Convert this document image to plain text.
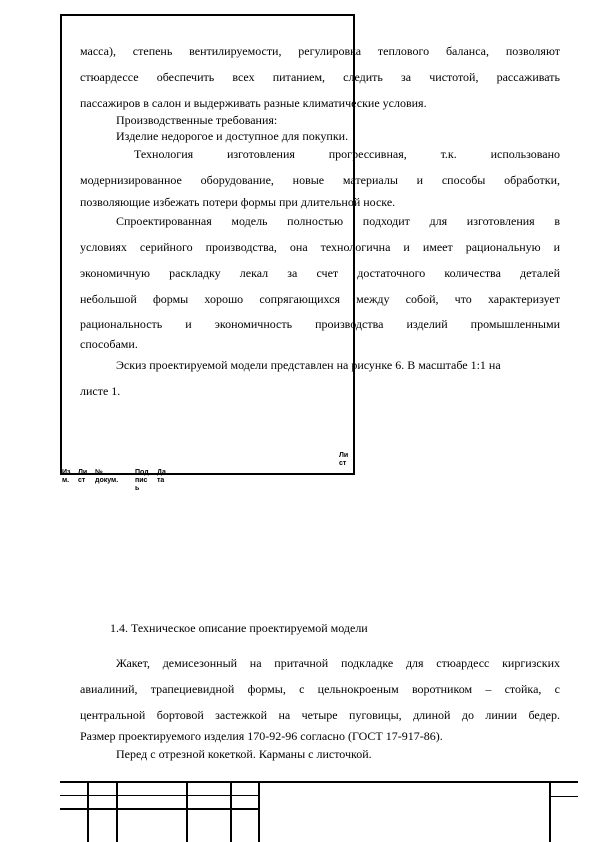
масса), степень вентилируемости, регулировка теплового баланса, позволяют
стюардессе обеспечить всех питанием, следить за чистотой, рассаживать
пассажиров в салон и выдерживать разные климатические условия.
Производственные требования:
Изделие недорогое и доступное для покупки.
Технология изготовления прогрессивная, т.к. использовано
модернизированное оборудование, новые материалы и способы обработки,
позволяющие избежать потери формы при длительной носке.
Спроектированная модель полностью подходит для изготовления в
условиях серийного производства, она технологична и имеет рациональную и
экономичную раскладку лекал за счет достаточного количества деталей
небольшой формы хорошо сопрягающихся между собой, что характеризует
рациональность и экономичность производства изделий промышленными
способами.
Эскиз проектируемой модели представлен на рисунке 6. В масштабе 1:1 на
листе 1.
Ли ст
Из м.
Ли ст
№ докум.
Под пис ь
Да та
1.4. Техническое описание проектируемой модели
Жакет, демисезонный на притачной подкладке для стюардесс киргизских
авиалиний, трапециевидной формы, с цельнокроеным воротником – стойка, с
центральной бортовой застежкой на четыре пуговицы, длиной до линии бедер.
Размер проектируемого изделия 170-92-96 согласно (ГОСТ 17-917-86).
Перед с отрезной кокеткой. Карманы с листочкой.
